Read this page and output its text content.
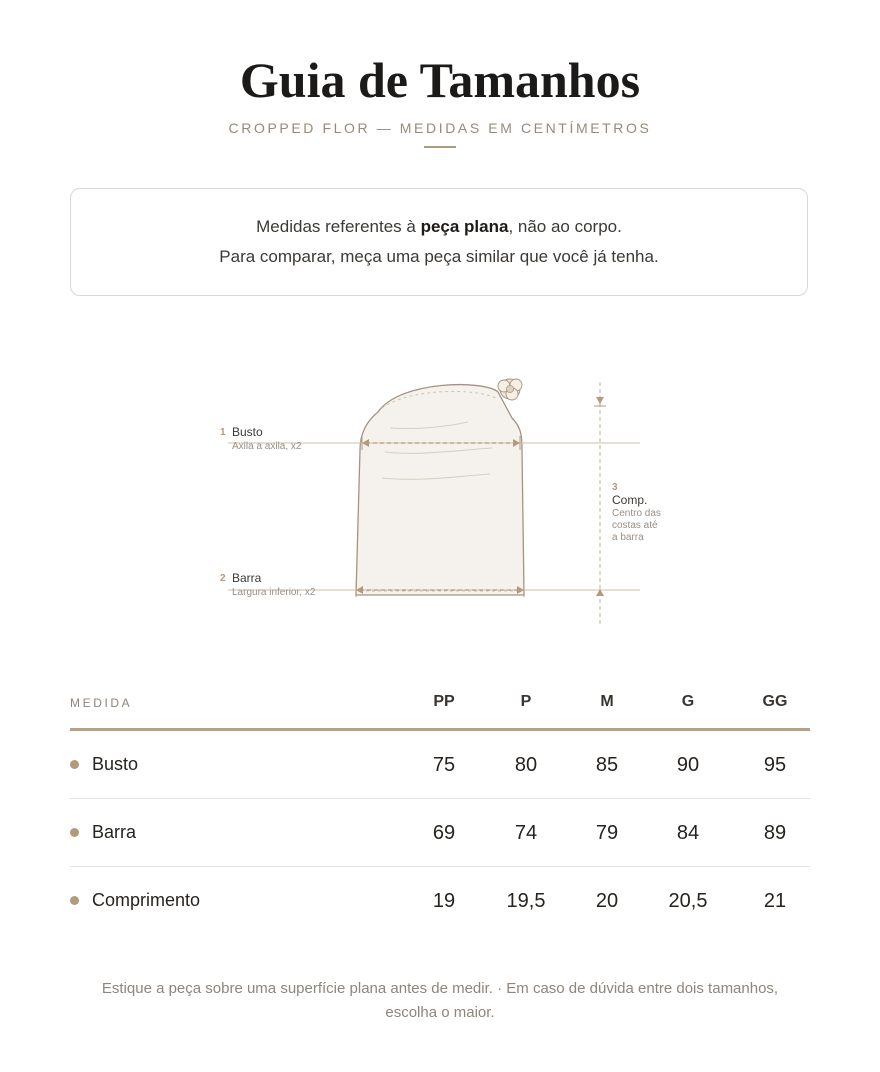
Guia de Tamanhos
CROPPED FLOR — MEDIDAS EM CENTÍMETROS
Medidas referentes à peça plana, não ao corpo.
Para comparar, meça uma peça similar que você já tenha.
1 Busto
Axila a axila, x2
2 Barra
Largura inferior, x2
3
Comp.
Centro das
costas até
a barra
MEDIDA	PP	P	M	G	GG
Busto	75	80	85	90	95
Barra	69	74	79	84	89
Comprimento	19	19,5	20	20,5	21
Estique a peça sobre uma superfície plana antes de medir. · Em caso de dúvida entre dois tamanhos,
escolha o maior.
